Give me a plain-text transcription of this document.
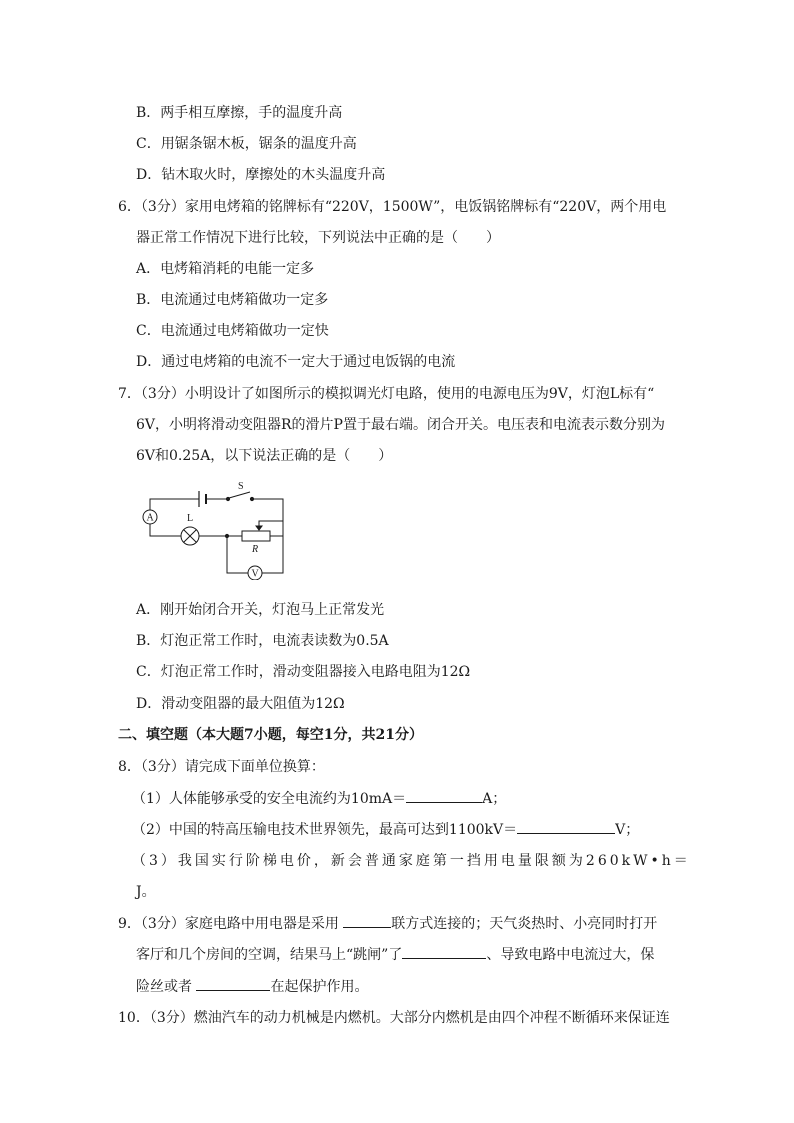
B．两手相互摩擦，手的温度升高
C．用锯条锯木板，锯条的温度升高
D．钻木取火时，摩擦处的木头温度升高
6．（3分）家用电烤箱的铭牌标有“220V，1500W”，电饭锅铭牌标有“220V，两个用电
器正常工作情况下进行比较，下列说法中正确的是（　　）
A．电烤箱消耗的电能一定多
B．电流通过电烤箱做功一定多
C．电流通过电烤箱做功一定快
D．通过电烤箱的电流不一定大于通过电饭锅的电流
7．（3分）小明设计了如图所示的模拟调光灯电路，使用的电源电压为9V，灯泡L标有“
6V，小明将滑动变阻器R的滑片P置于最右端。闭合开关。电压表和电流表示数分别为
6V和0.25A，以下说法正确的是（　　）
S
A	L
R
V
A．刚开始闭合开关，灯泡马上正常发光
B．灯泡正常工作时，电流表读数为0.5A
C．灯泡正常工作时，滑动变阻器接入电路电阻为12Ω
D．滑动变阻器的最大阻值为12Ω
二、填空题（本大题7小题，每空1分，共21分）
8．（3分）请完成下面单位换算：
（1）人体能够承受的安全电流约为10mA＝	A；
（2）中国的特高压输电技术世界领先，最高可达到1100kV＝	V；
（3）我国实行阶梯电价，新会普通家庭第一挡用电量限额为260kW•h＝
J。
9．（3分）家庭电路中用电器是采用	联方式连接的；天气炎热时、小亮同时打开
客厅和几个房间的空调，结果马上“跳闸”了	、导致电路中电流过大，保
险丝或者	在起保护作用。
10．（3分）燃油汽车的动力机械是内燃机。大部分内燃机是由四个冲程不断循环来保证连
